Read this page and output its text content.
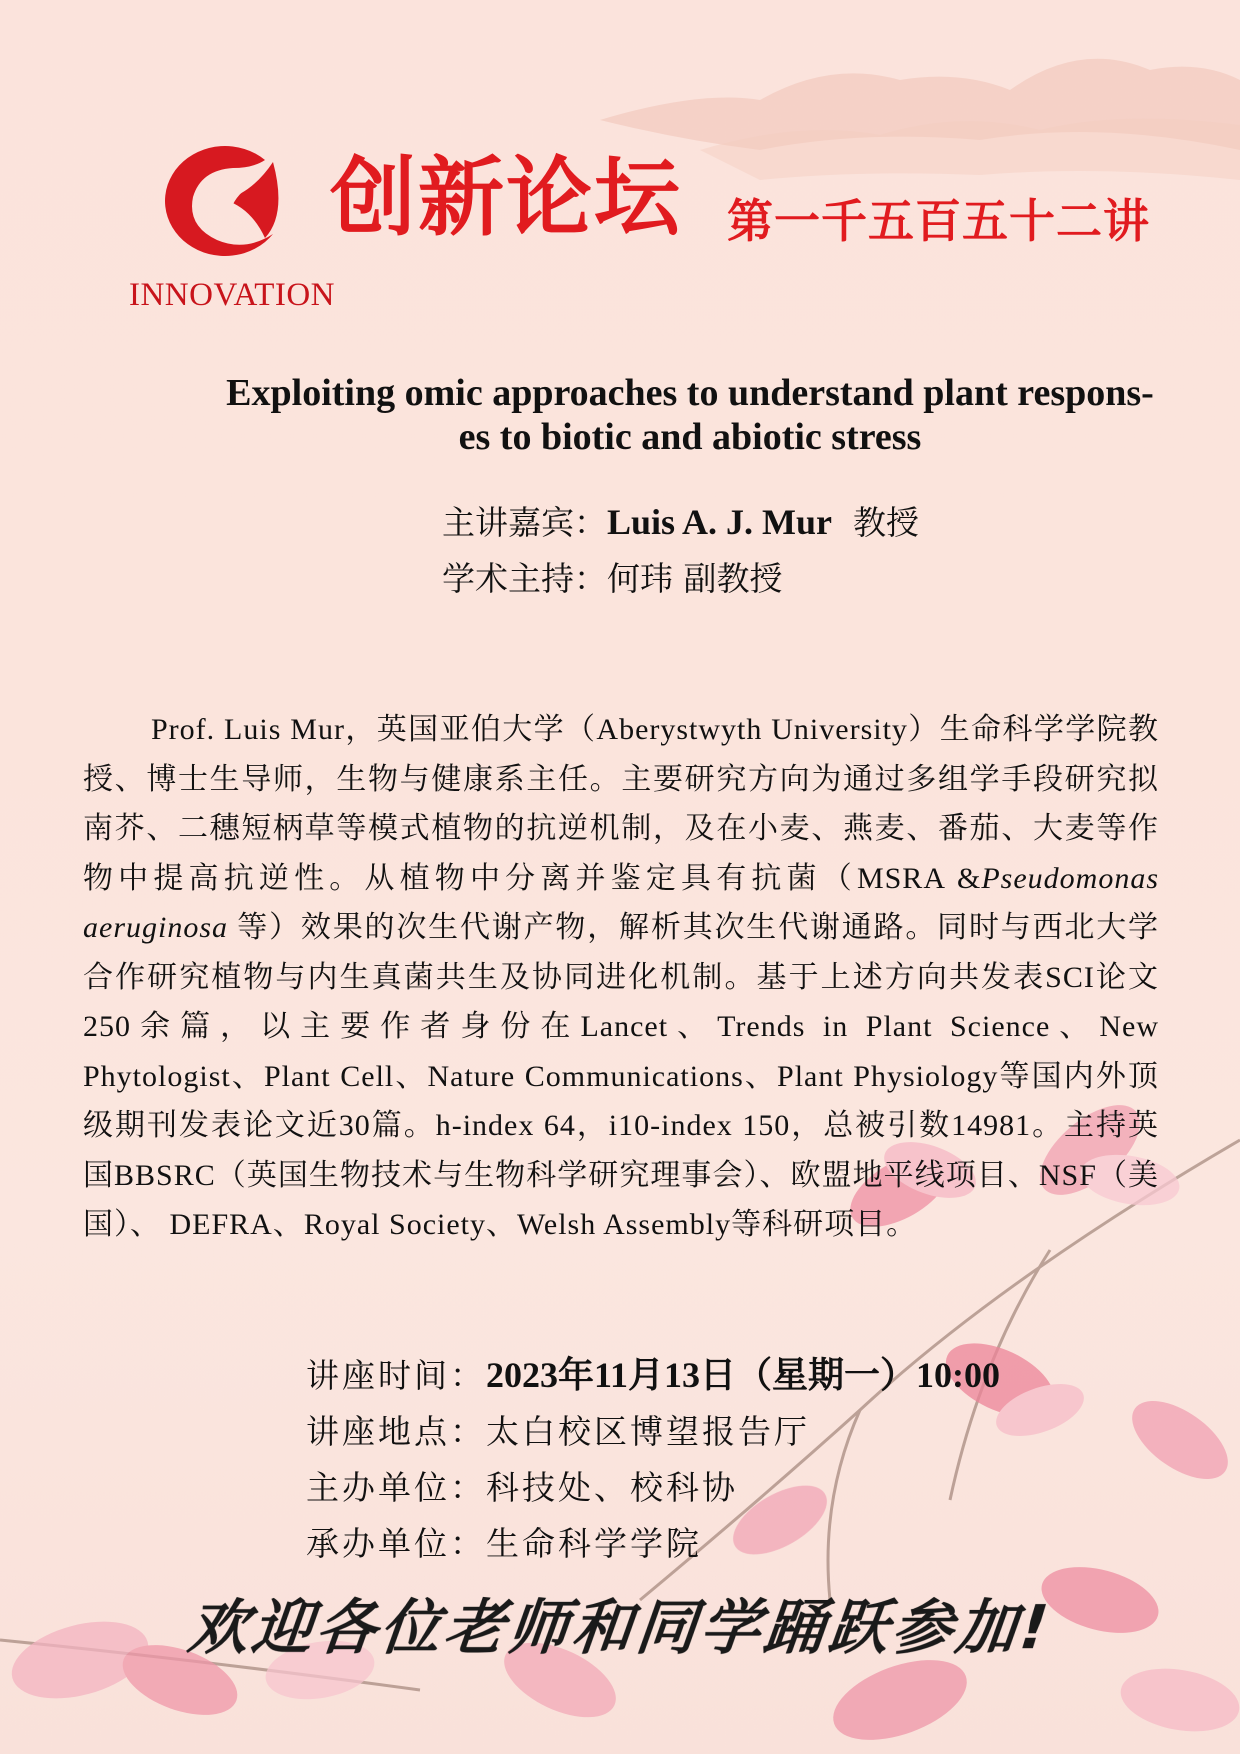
INNOVATION
创新论坛 第一千五百五十二讲
Exploiting omic approaches to understand plant respons-
es to biotic and abiotic stress
主讲嘉宾：Luis A. J. Mur 教授
学术主持：何玮 副教授
Prof. Luis Mur，英国亚伯大学（Aberystwyth University）生命科学学院教授、博士生导师，生物与健康系主任。主要研究方向为通过多组学手段研究拟南芥、二穗短柄草等模式植物的抗逆机制，及在小麦、燕麦、番茄、大麦等作物中提高抗逆性。从植物中分离并鉴定具有抗菌（MSRA &Pseudomonas aeruginosa 等）效果的次生代谢产物，解析其次生代谢通路。同时与西北大学合作研究植物与内生真菌共生及协同进化机制。基于上述方向共发表SCI论文250余篇，以主要作者身份在Lancet、Trends in Plant Science、New Phytologist、Plant Cell、Nature Communications、Plant Physiology等国内外顶级期刊发表论文近30篇。h-index 64，i10-index 150，总被引数14981。主持英国BBSRC（英国生物技术与生物科学研究理事会）、欧盟地平线项目、NSF（美国）、 DEFRA、Royal Society、Welsh Assembly等科研项目。
讲座时间：2023年11月13日（星期一）10:00
讲座地点：太白校区博望报告厅
主办单位：科技处、校科协
承办单位：生命科学学院
欢迎各位老师和同学踊跃参加!
